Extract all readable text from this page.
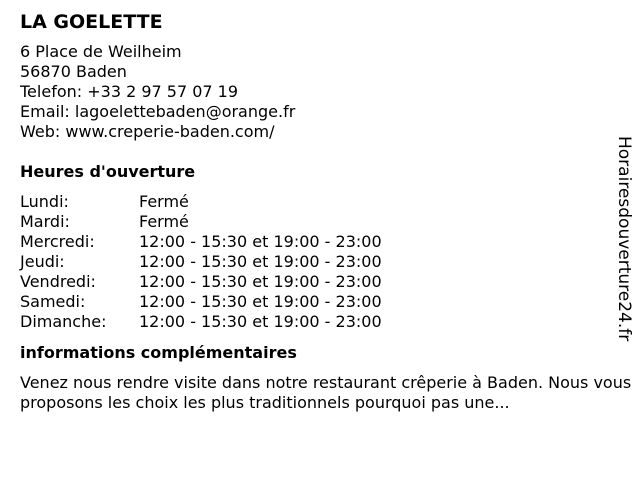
LA GOELETTE
6 Place de Weilheim
56870 Baden
Telefon: +33 2 97 57 07 19
Email: lagoelettebaden@orange.fr
Web: www.creperie-baden.com/
Heures d'ouverture
Lundi:	Fermé
Mardi:	Fermé
Mercredi:	12:00 - 15:30 et 19:00 - 23:00
Jeudi:	12:00 - 15:30 et 19:00 - 23:00
Vendredi:	12:00 - 15:30 et 19:00 - 23:00
Samedi:	12:00 - 15:30 et 19:00 - 23:00
Dimanche:	12:00 - 15:30 et 19:00 - 23:00
informations complémentaires
Venez nous rendre visite dans notre restaurant crêperie à Baden. Nous vous proposons les choix les plus traditionnels pourquoi pas une...
Horairesdouverture24.fr
